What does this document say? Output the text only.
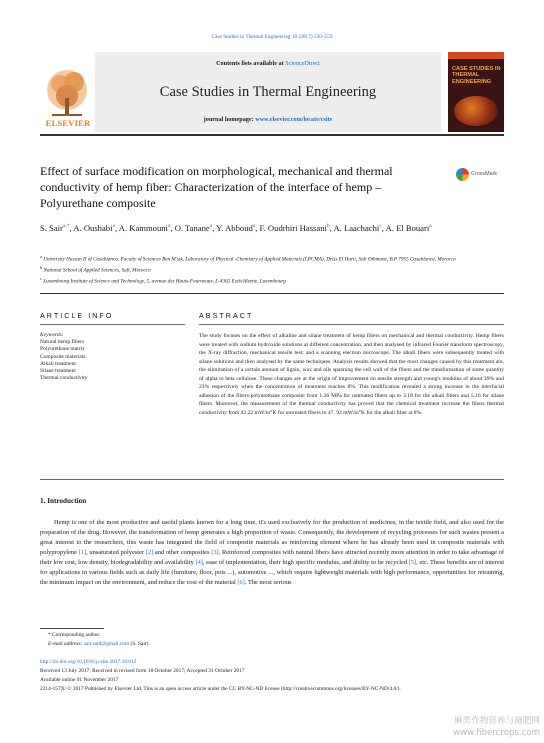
Case Studies in Thermal Engineering 10 (2017) 550–559
ELSEVIER
Contents lists available at ScienceDirect
Case Studies in Thermal Engineering
journal homepage: www.elsevier.com/locate/csite
CASE STUDIES IN THERMAL ENGINEERING
Effect of surface modification on morphological, mechanical and thermal conductivity of hemp fiber: Characterization of the interface of hemp –Polyurethane composite
CrossMark
S. Sair$^{a,*}$, A. Oushabi$^a$, A. Kammouni$^a$, O. Tanane$^a$, Y. Abboud$^a$, F. Oudrhiri Hassani$^b$, A. Laachachi$^c$, A. El Bouari$^a$
$^a$ University Hassan II of Casablanca, Faculty of Sciences Ben M'sik, Laboratory of Physical -Chemistry of Applied Materials (LPCMA), Driss El Harti, Sidi Othmane, B.P 7955 Casablanca, Morocco
$^b$ National School of Applied Sciences, Safi, Morocco
$^c$ Luxembourg Institute of Science and Technology, 5, avenue des Hauts-Fourneaux, L-4362 Esch/Alzette, Luxembourg
ARTICLE INFO	ABSTRACT
Keywords:
Natural hemp fibers
Polyurethane matrix
Composite materials
Alkali treatment
Silane treatment
Thermal conductivity
The study focuses on the effect of alkaline and silane treatment of hemp fibers on mechanical and thermal conductivity. Hemp fibers were treated with sodium hydroxide solutions at different concentration, and then analysed by infrared Fourier transform spectroscopy, the X-ray diffraction, mechanical tensile test; and a scanning electron microscope. The alkali fibers were subsequently treated with silane solutions and then analysed by the same techniques. Analysis results showed that the most changes caused by this treatment are, the elimination of a certain amount of lignin, wax and oils spanning the cell wall of the fibers and the transformation of some quantity of alpha to beta cellulose. These changes are at the origin of improvement on tensile strength and young's modulus of about 39% and 23% respectively when the concentration of treatment reaches 8%. This modification revealed a strong increase in the interfacial adhesion of the fibers-polyurethane composite from 1.26 MPa for untreated fibers up to 3.18 for the alkali fibers and 5.16 for silane fibers. Moreover, the measurement of the thermal conductivity has proved that the chemical treatment increase the fibers thermal conductivity from 42.22 mW/m°K for untreated fibers to 47, 92 mW/m°K for the alkali fiber at 8%.
1. Introduction
Hemp is one of the most productive and useful plants known for a long time, it's used exclusively for the production of medicines, in the textile field, and also used for the preparation of the drug. However, the transformation of hemp generates a high proportion of waste. Consequently, the development of recycling processes for such wastes present a great interest to the researchers, this waste has integrated the field of composite materials as reinforcing element where he has already been used in composite materials with polypropylene [1], unsaturated polyester [2] and other composites [3]. Reinforced composites with natural fibers have attracted recently more attention in order to take advantage of their low cost, low density, biodegradability and availability [4], ease of implementation, their high specific modulus, and ability to be recycled [5], etc. These benefits are of interest for applications in various fields such as daily life (furniture, floor, pots ...), automotive ..., which require lightweight materials with high performance, opportunities for retraining, the minimum impact on the environment, and reduce the cost of the material [6]. The most serious
* Corresponding author.
E-mail address: sair.said@gmail.com (S. Sair).
http://dx.doi.org/10.1016/j.csite.2017.10.012
Received 13 July 2017; Received in revised form 18 October 2017; Accepted 31 October 2017
Available online 01 November 2017
2214-157X/ © 2017 Published by Elsevier Ltd. This is an open access article under the CC BY-NC-ND license (http://creativecommons.org/licenses/BY-NC-ND/4.0/).
麻类作物营养与施肥网
www.fibercrops.com
